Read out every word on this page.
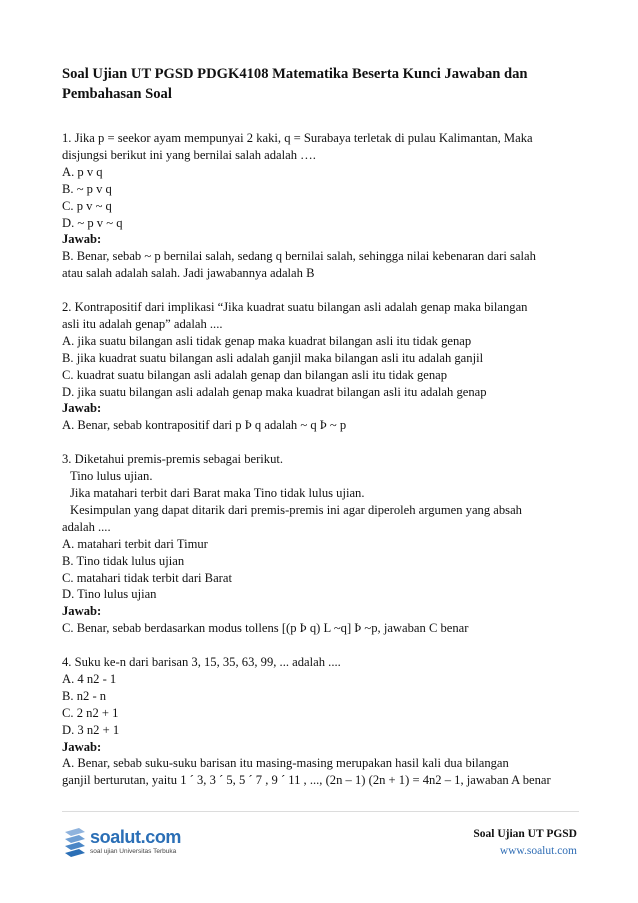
Soal Ujian UT PGSD PDGK4108 Matematika Beserta Kunci Jawaban dan
Pembahasan Soal
1. Jika p = seekor ayam mempunyai 2 kaki, q = Surabaya terletak di pulau Kalimantan, Maka
disjungsi berikut ini yang bernilai salah adalah ….
A. p v q
B. ~ p v q
C. p v ~ q
D. ~ p v ~ q
Jawab:
B. Benar, sebab ~ p bernilai salah, sedang q bernilai salah, sehingga nilai kebenaran dari salah
atau salah adalah salah. Jadi jawabannya adalah B
2. Kontrapositif dari implikasi “Jika kuadrat suatu bilangan asli adalah genap maka bilangan
asli itu adalah genap” adalah ....
A. jika suatu bilangan asli tidak genap maka kuadrat bilangan asli itu tidak genap
B. jika kuadrat suatu bilangan asli adalah ganjil maka bilangan asli itu adalah ganjil
C. kuadrat suatu bilangan asli adalah genap dan bilangan asli itu tidak genap
D. jika suatu bilangan asli adalah genap maka kuadrat bilangan asli itu adalah genap
Jawab:
A. Benar, sebab kontrapositif dari p Þ q adalah ~ q Þ ~ p
3. Diketahui premis-premis sebagai berikut.
Tino lulus ujian.
Jika matahari terbit dari Barat maka Tino tidak lulus ujian.
Kesimpulan yang dapat ditarik dari premis-premis ini agar diperoleh argumen yang absah
adalah ....
A. matahari terbit dari Timur
B. Tino tidak lulus ujian
C. matahari tidak terbit dari Barat
D. Tino lulus ujian
Jawab:
C. Benar, sebab berdasarkan modus tollens [(p Þ q) L ~q] Þ ~p, jawaban C benar
4. Suku ke-n dari barisan 3, 15, 35, 63, 99, ... adalah ....
A. 4 n2 - 1
B. n2 - n
C. 2 n2 + 1
D. 3 n2 + 1
Jawab:
A. Benar, sebab suku-suku barisan itu masing-masing merupakan hasil kali dua bilangan
ganjil berturutan, yaitu 1 ´ 3, 3 ´ 5, 5 ´ 7 , 9 ´ 11 , ..., (2n – 1) (2n + 1) = 4n2 – 1, jawaban A benar
soalut.com
soal ujian Universitas Terbuka
Soal Ujian UT PGSD
www.soalut.com
